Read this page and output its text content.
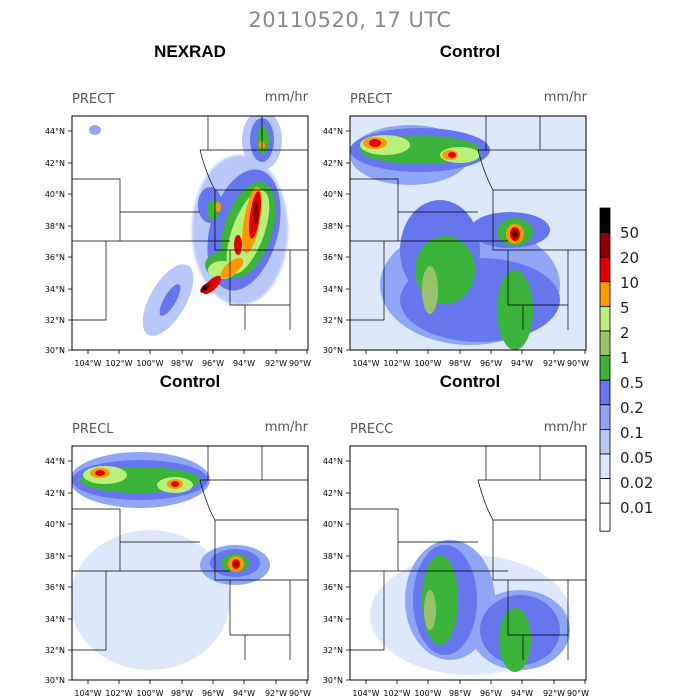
20110520, 17 UTC
NEXRAD	Control
Control	Control
PRECT	PRECT
PRECL	PRECC
mm/hr	mm/hr
mm/hr	mm/hr
44°N
42°N
40°N
38°N
36°N
34°N
32°N
30°N
44°N
42°N
40°N
38°N
36°N
34°N
32°N
30°N
44°N
42°N
40°N
38°N
36°N
34°N
32°N
30°N
44°N
42°N
40°N
38°N
36°N
34°N
32°N
30°N
104°W 102°W 100°W 98°W 96°W 94°W 92°W 90°W	104°W 102°W 100°W 98°W 96°W 94°W 92°W 90°W
104°W 102°W 100°W 98°W 96°W 94°W 92°W 90°W	104°W 102°W 100°W 98°W 96°W 94°W 92°W 90°W
50
20
10
5
2
1
0.5
0.2
0.1
0.05
0.02
0.01
